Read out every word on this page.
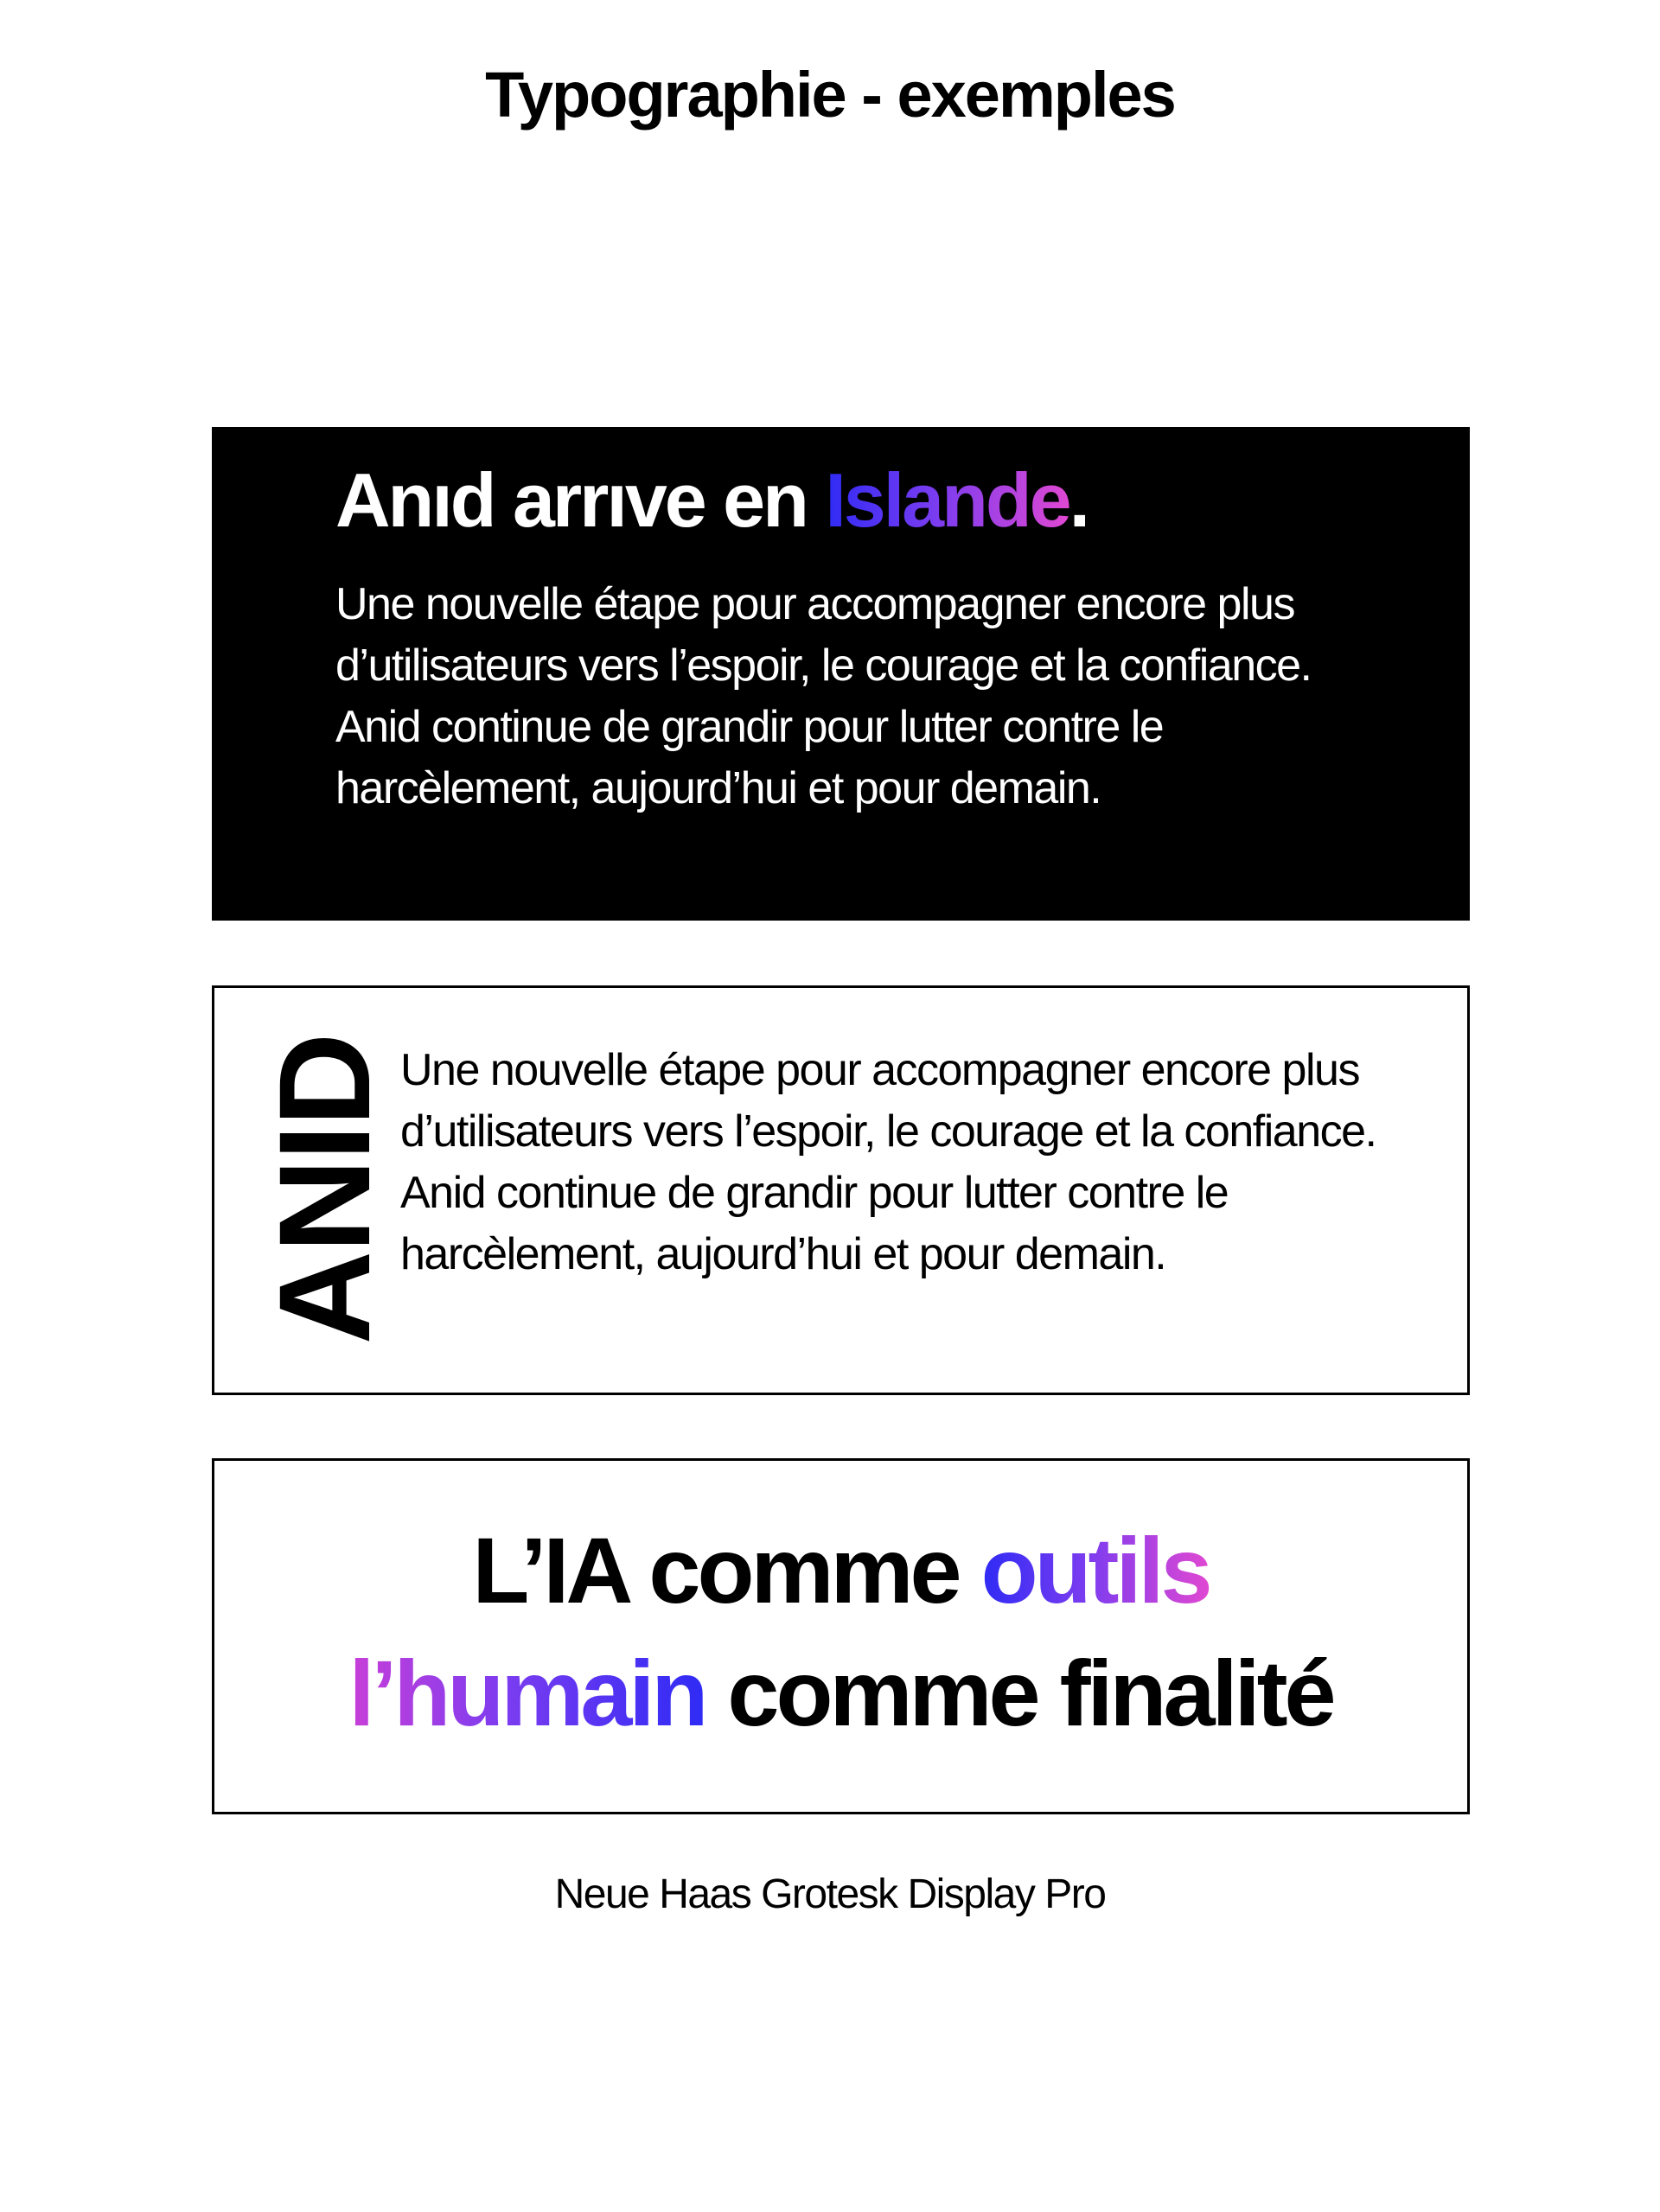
Typographie - exemples
Anıd arrıve en Islande.
Une nouvelle étape pour accompagner encore plus d’utilisateurs vers l’espoir, le courage et la confiance.
Anid continue de grandir pour lutter contre le harcèlement, aujourd’hui et pour demain.
ANID Une nouvelle étape pour accompagner encore plus d’utilisateurs vers l’espoir, le courage et la confiance.
Anid continue de grandir pour lutter contre le harcèlement, aujourd’hui et pour demain.

L’IA comme outils

l’humain comme finalité

Neue Haas Grotesk Display Pro
